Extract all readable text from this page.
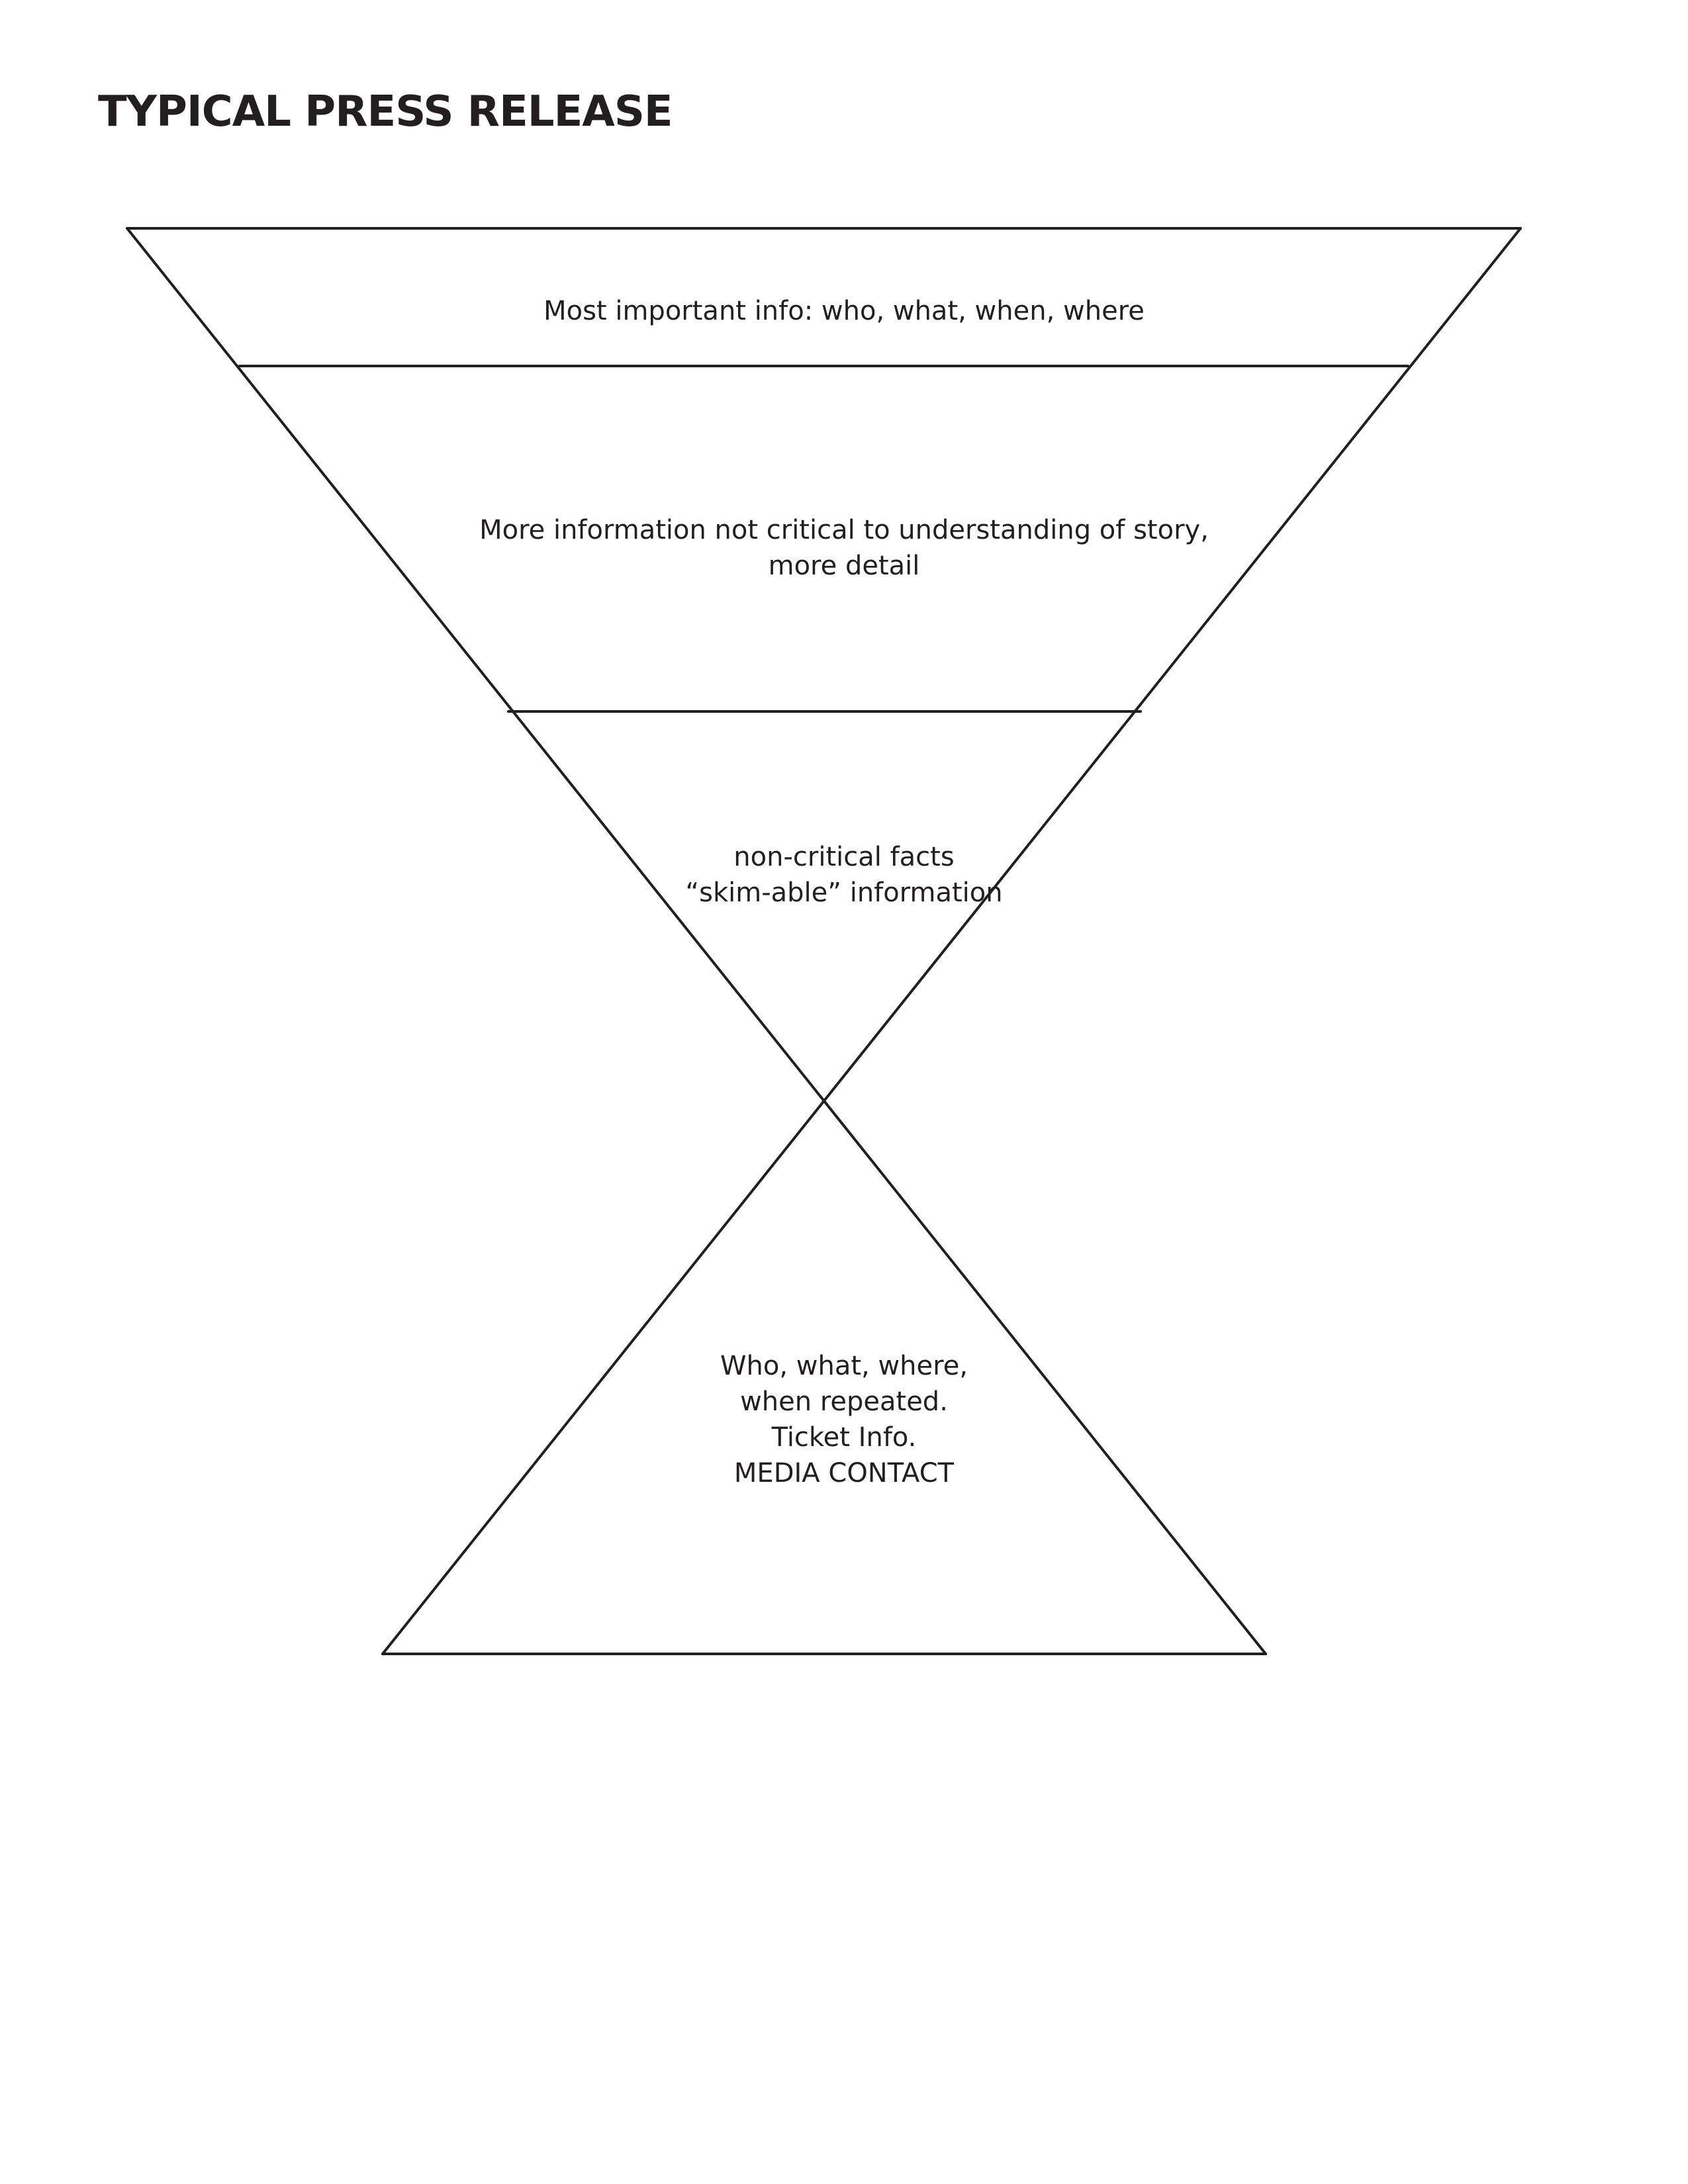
TYPICAL PRESS RELEASE
Most important info: who, what, when, where
More information not critical to understanding of story,
more detail
non-critical facts
“skim-able” information
Who, what, where,
when repeated.
Ticket Info.
MEDIA CONTACT
